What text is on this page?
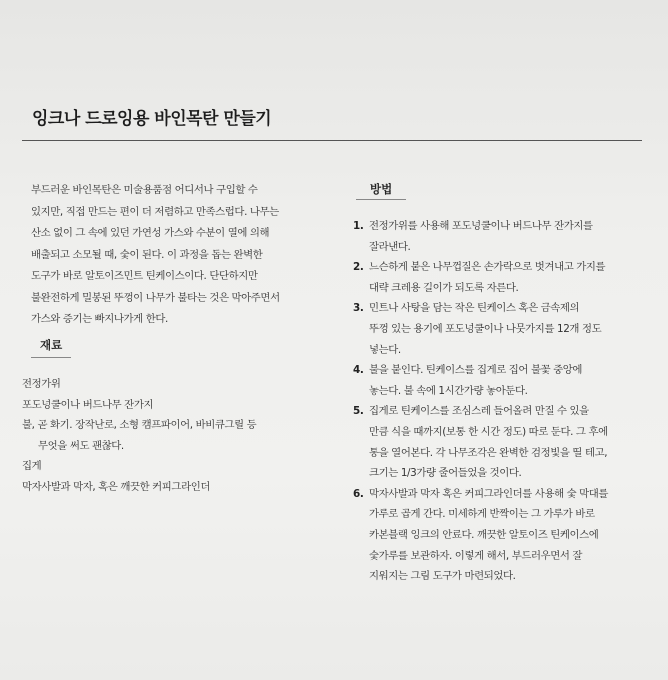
잉크나 드로잉용 바인목탄 만들기

부드러운 바인목탄은 미술용품점 어디서나 구입할 수

있지만, 직접 만드는 편이 더 저렴하고 만족스럽다. 나무는

산소 없이 그 속에 있던 가연성 가스와 수분이 열에 의해

배출되고 소모될 때, 숯이 된다. 이 과정을 돕는 완벽한

도구가 바로 알토이즈민트 틴케이스이다. 단단하지만

불완전하게 밀봉된 뚜껑이 나무가 불타는 것은 막아주면서

가스와 증기는 빠지나가게 한다.

재료
전정가위
포도넝쿨이나 버드나무 잔가지
불, 곧 화기. 장작난로, 소형 캠프파이어, 바비큐그릴 등
무엇을 써도 괜찮다.
집게
막자사발과 막자, 혹은 깨끗한 커피그라인더
방법
1. 전정가위를 사용해 포도넝쿨이나 버드나무 잔가지를
잘라낸다.
2. 느슨하게 붙은 나무껍질은 손가락으로 벗겨내고 가지를
대략 크레용 길이가 되도록 자른다.
3. 민트나 사탕을 담는 작은 틴케이스 혹은 금속제의
뚜껑 있는 용기에 포도넝쿨이나 나뭇가지를 12개 정도
넣는다.
4. 불을 붙인다. 틴케이스를 집게로 집어 불꽃 중앙에
놓는다. 불 속에 1시간가량 놓아둔다.
5. 집게로 틴케이스를 조심스레 들어올려 만질 수 있을
만큼 식을 때까지(보통 한 시간 정도) 따로 둔다. 그 후에
통을 열어본다. 각 나무조각은 완벽한 검정빛을 띨 테고,
크기는 1/3가량 줄어들었을 것이다.
6. 막자사발과 막자 혹은 커피그라인더를 사용해 숯 막대를
가루로 곱게 간다. 미세하게 반짝이는 그 가루가 바로
카본블랙 잉크의 안료다. 깨끗한 알토이즈 틴케이스에
숯가루를 보관하자. 이렇게 해서, 부드러우면서 잘
지워지는 그림 도구가 마련되었다.
